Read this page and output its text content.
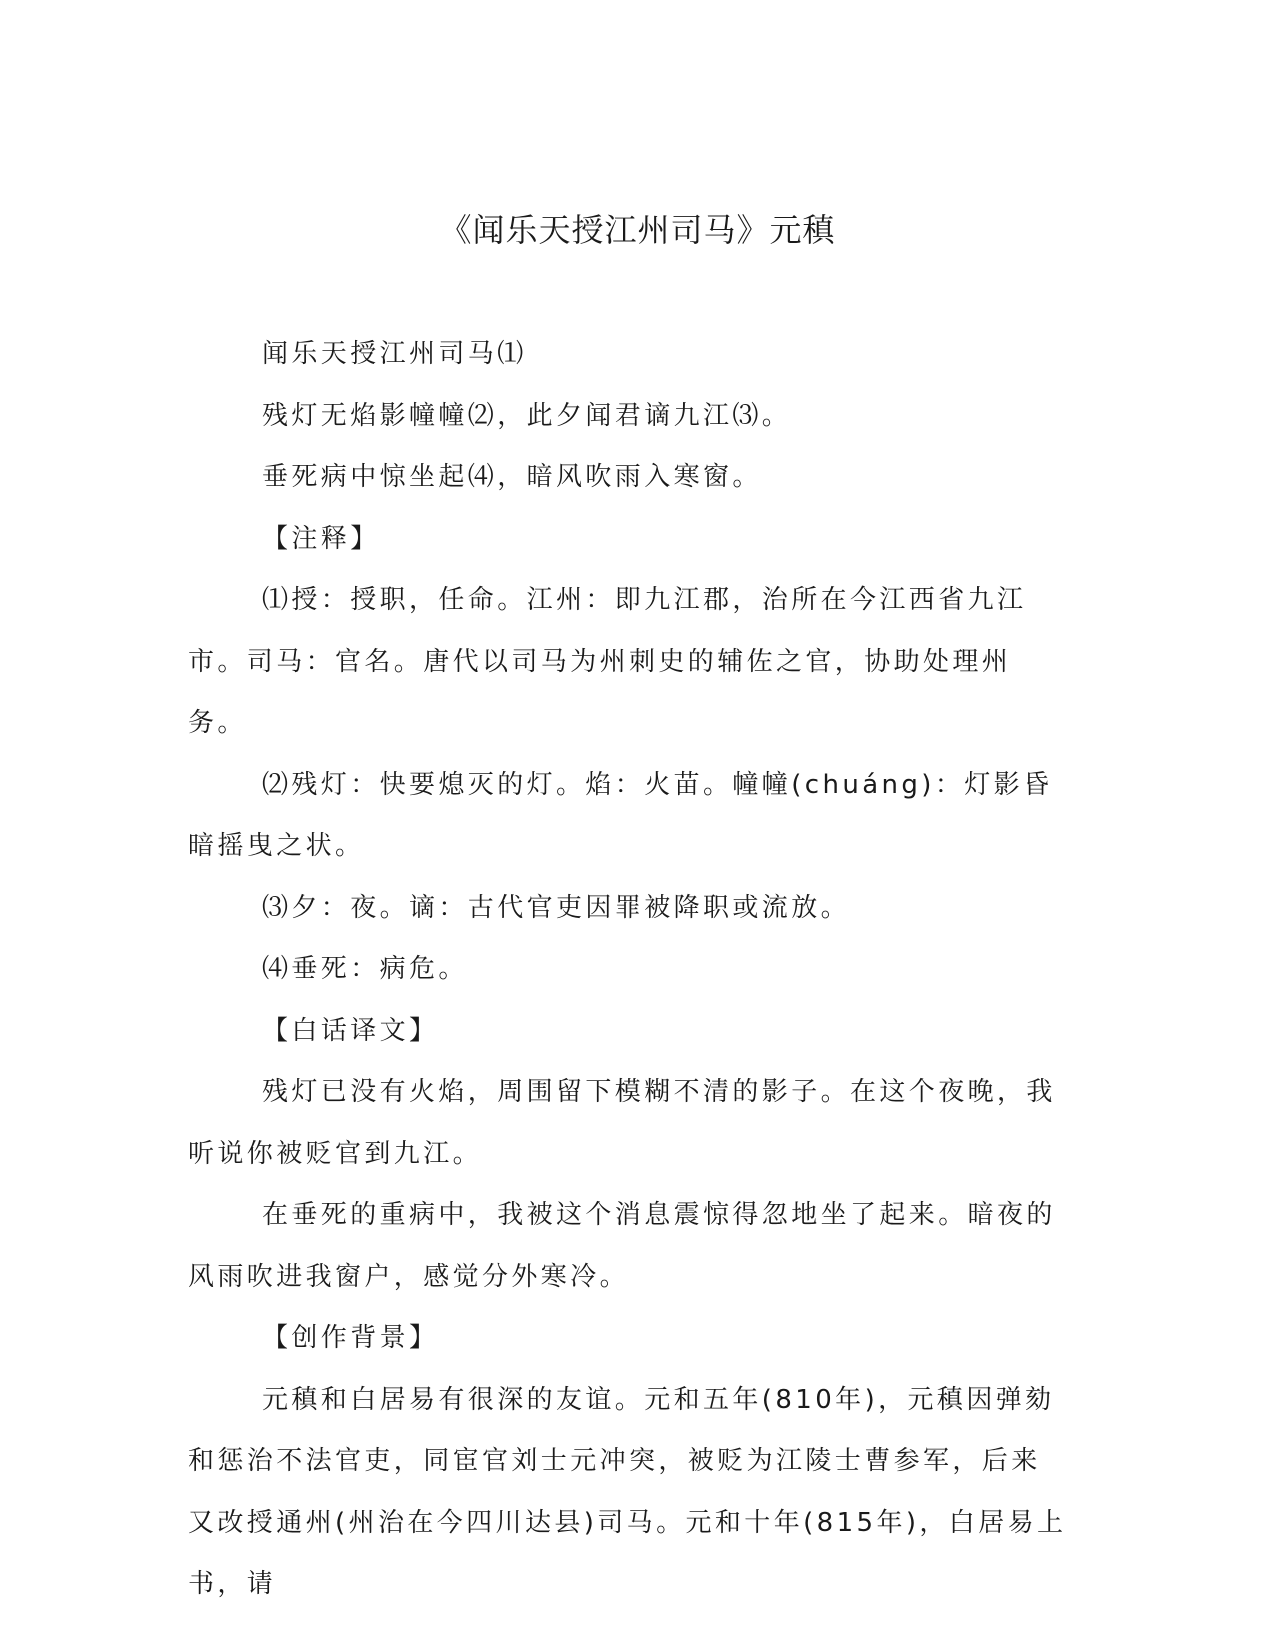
《闻乐天授江州司马》元稹

闻乐天授江州司马⑴

残灯无焰影幢幢⑵，此夕闻君谪九江⑶。

垂死病中惊坐起⑷，暗风吹雨入寒窗。

【注释】

⑴授：授职，任命。江州：即九江郡，治所在今江西省九江市。司马：官名。唐代以司马为州刺史的辅佐之官，协助处理州务。

⑵残灯：快要熄灭的灯。焰：火苗。幢幢(chuáng)：灯影昏暗摇曳之状。

⑶夕：夜。谪：古代官吏因罪被降职或流放。

⑷垂死：病危。

【白话译文】

残灯已没有火焰，周围留下模糊不清的影子。在这个夜晚，我听说你被贬官到九江。

在垂死的重病中，我被这个消息震惊得忽地坐了起来。暗夜的风雨吹进我窗户，感觉分外寒冷。

【创作背景】

元稹和白居易有很深的友谊。元和五年(810年)，元稹因弹劾和惩治不法官吏，同宦官刘士元冲突，被贬为江陵士曹参军，后来又改授通州(州治在今四川达县)司马。元和十年(815年)，白居易上书，请
